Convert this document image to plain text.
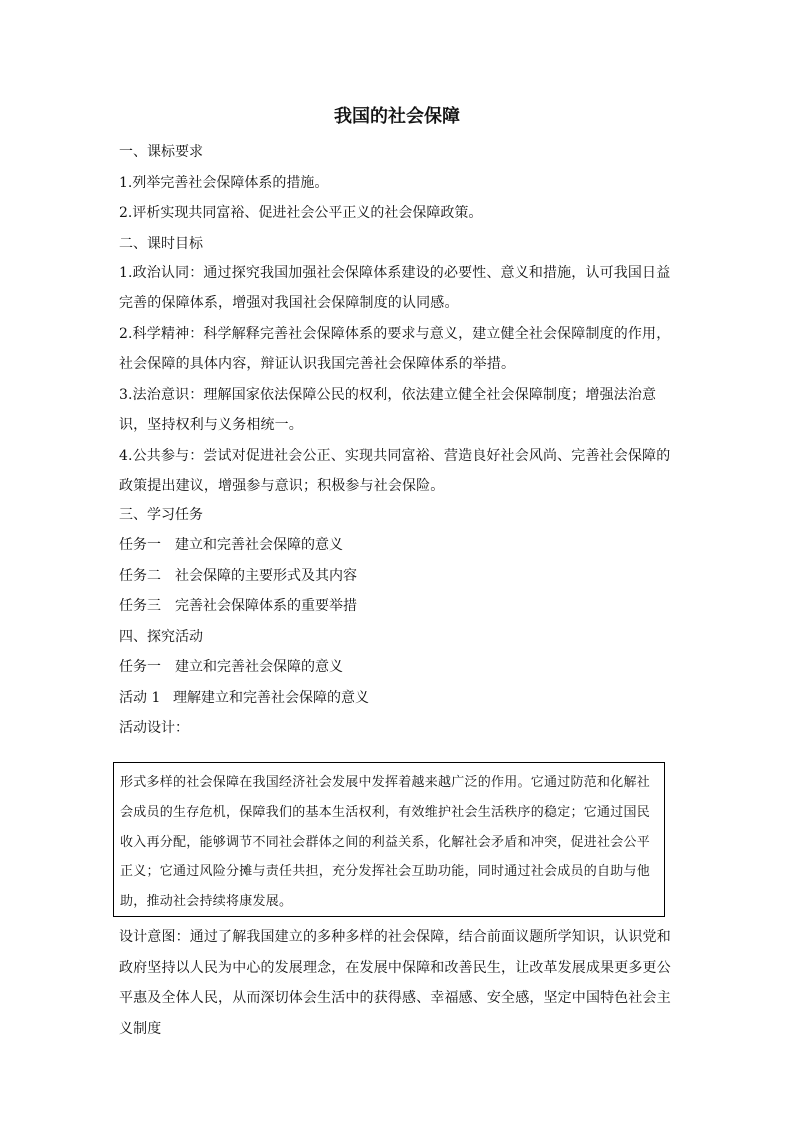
我国的社会保障

一、课标要求

1.列举完善社会保障体系的措施。

2.评析实现共同富裕、促进社会公平正义的社会保障政策。

二、课时目标

1.政治认同：通过探究我国加强社会保障体系建设的必要性、意义和措施，认可我国日益完善的保障体系，增强对我国社会保障制度的认同感。

2.科学精神：科学解释完善社会保障体系的要求与意义，建立健全社会保障制度的作用，社会保障的具体内容，辩证认识我国完善社会保障体系的举措。

3.法治意识：理解国家依法保障公民的权利，依法建立健全社会保障制度；增强法治意识，坚持权利与义务相统一。

4.公共参与：尝试对促进社会公正、实现共同富裕、营造良好社会风尚、完善社会保障的政策提出建议，增强参与意识；积极参与社会保险。

三、学习任务

任务一 建立和完善社会保障的意义

任务二 社会保障的主要形式及其内容

任务三 完善社会保障体系的重要举措

四、探究活动

任务一 建立和完善社会保障的意义

活动 1 理解建立和完善社会保障的意义

活动设计：

形式多样的社会保障在我国经济社会发展中发挥着越来越广泛的作用。它通过防范和化解社会成员的生存危机，保障我们的基本生活权利，有效维护社会生活秩序的稳定；它通过国民收入再分配，能够调节不同社会群体之间的利益关系，化解社会矛盾和冲突，促进社会公平正义；它通过风险分摊与责任共担，充分发挥社会互助功能，同时通过社会成员的自助与他助，推动社会持续将康发展。

设计意图：通过了解我国建立的多种多样的社会保障，结合前面议题所学知识，认识党和政府坚持以人民为中心的发展理念，在发展中保障和改善民生，让改革发展成果更多更公平惠及全体人民，从而深切体会生活中的获得感、幸福感、安全感，坚定中国特色社会主义制度
